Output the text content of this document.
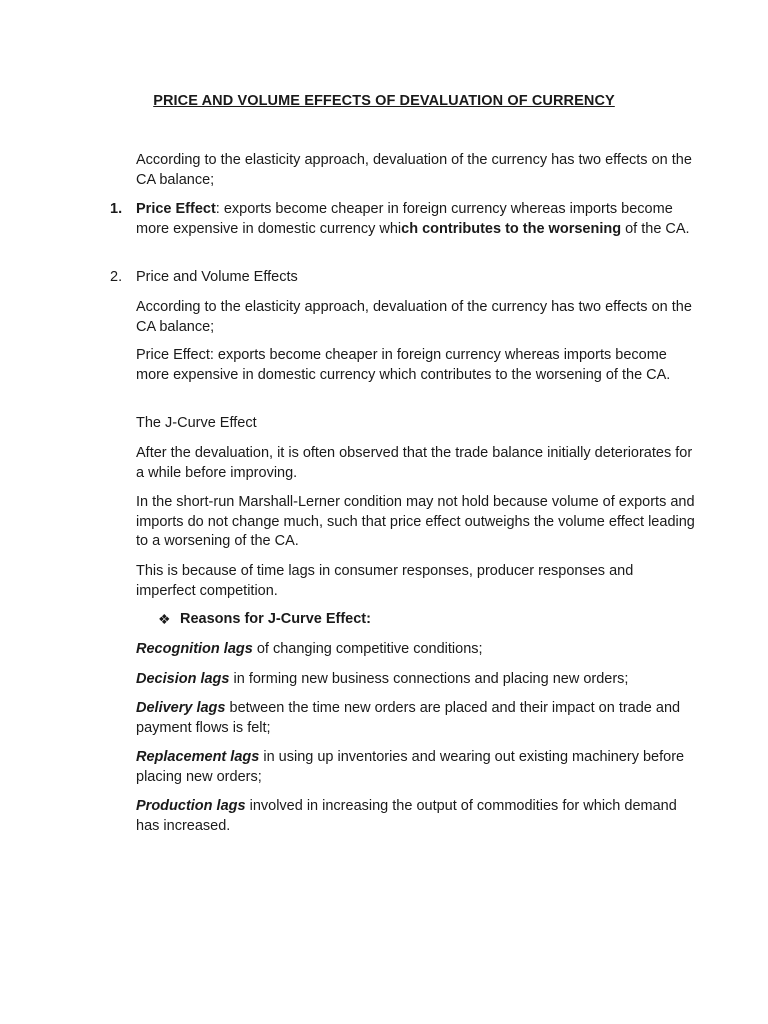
PRICE AND VOLUME EFFECTS OF DEVALUATION OF CURRENCY
According to the elasticity approach, devaluation of the currency has two effects on the CA balance;
1. Price Effect: exports become cheaper in foreign currency whereas imports become more expensive in domestic currency which contributes to the worsening of the CA.
2. Price and Volume Effects
According to the elasticity approach, devaluation of the currency has two effects on the CA balance;
Price Effect: exports become cheaper in foreign currency whereas imports become more expensive in domestic currency which contributes to the worsening of the CA.
The J-Curve Effect
After the devaluation, it is often observed that the trade balance initially deteriorates for a while before improving.
In the short-run Marshall-Lerner condition may not hold because volume of exports and imports do not change much, such that price effect outweighs the volume effect leading to a worsening of the CA.
This is because of time lags in consumer responses, producer responses and imperfect competition.
❖ Reasons for J-Curve Effect:
Recognition lags of changing competitive conditions;
Decision lags in forming new business connections and placing new orders;
Delivery lags between the time new orders are placed and their impact on trade and payment flows is felt;
Replacement lags in using up inventories and wearing out existing machinery before placing new orders;
Production lags involved in increasing the output of commodities for which demand has increased.
